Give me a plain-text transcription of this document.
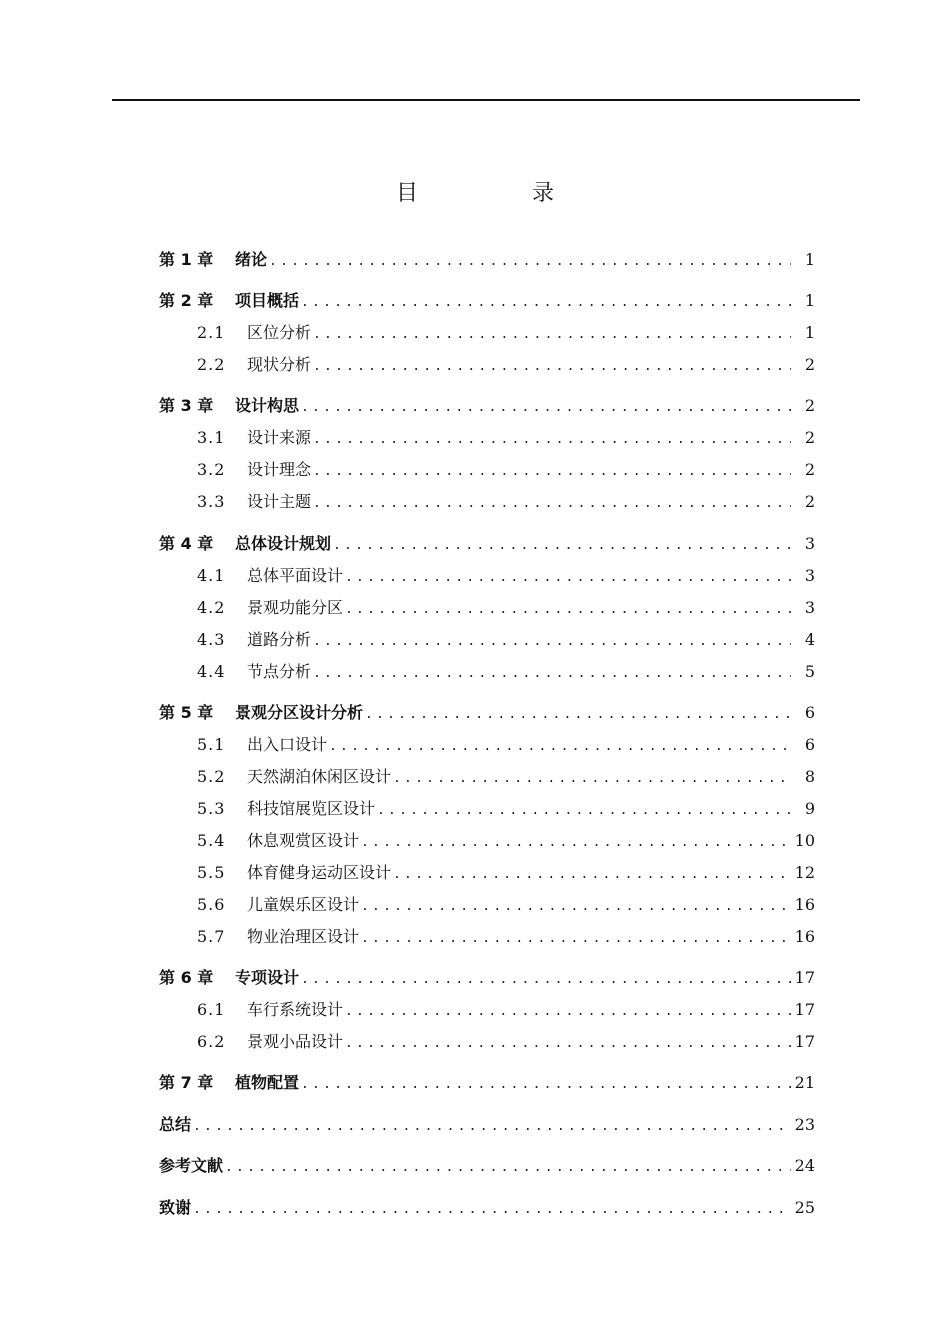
目　录
第 1 章	绪论 .....	1
第 2 章	项目概括 .....	1
2.1	区位分析 .....	1
2.2	现状分析 .....	2
第 3 章	设计构思 .....	2
3.1	设计来源 .....	2
3.2	设计理念 .....	2
3.3	设计主题 .....	2
第 4 章	总体设计规划 .....	3
4.1	总体平面设计 .....	3
4.2	景观功能分区 .....	3
4.3	道路分析 .....	4
4.4	节点分析 .....	5
第 5 章	景观分区设计分析 .....	6
5.1	出入口设计 .....	6
5.2	天然湖泊休闲区设计 .....	8
5.3	科技馆展览区设计 .....	9
5.4	休息观赏区设计 .....	10
5.5	体育健身运动区设计 .....	12
5.6	儿童娱乐区设计 .....	16
5.7	物业治理区设计 .....	16
第 6 章	专项设计 .....	17
6.1	车行系统设计 .....	17
6.2	景观小品设计 .....	17
第 7 章	植物配置 .....	21
总结 .....	23
参考文献 .....	24
致谢 .....	25
